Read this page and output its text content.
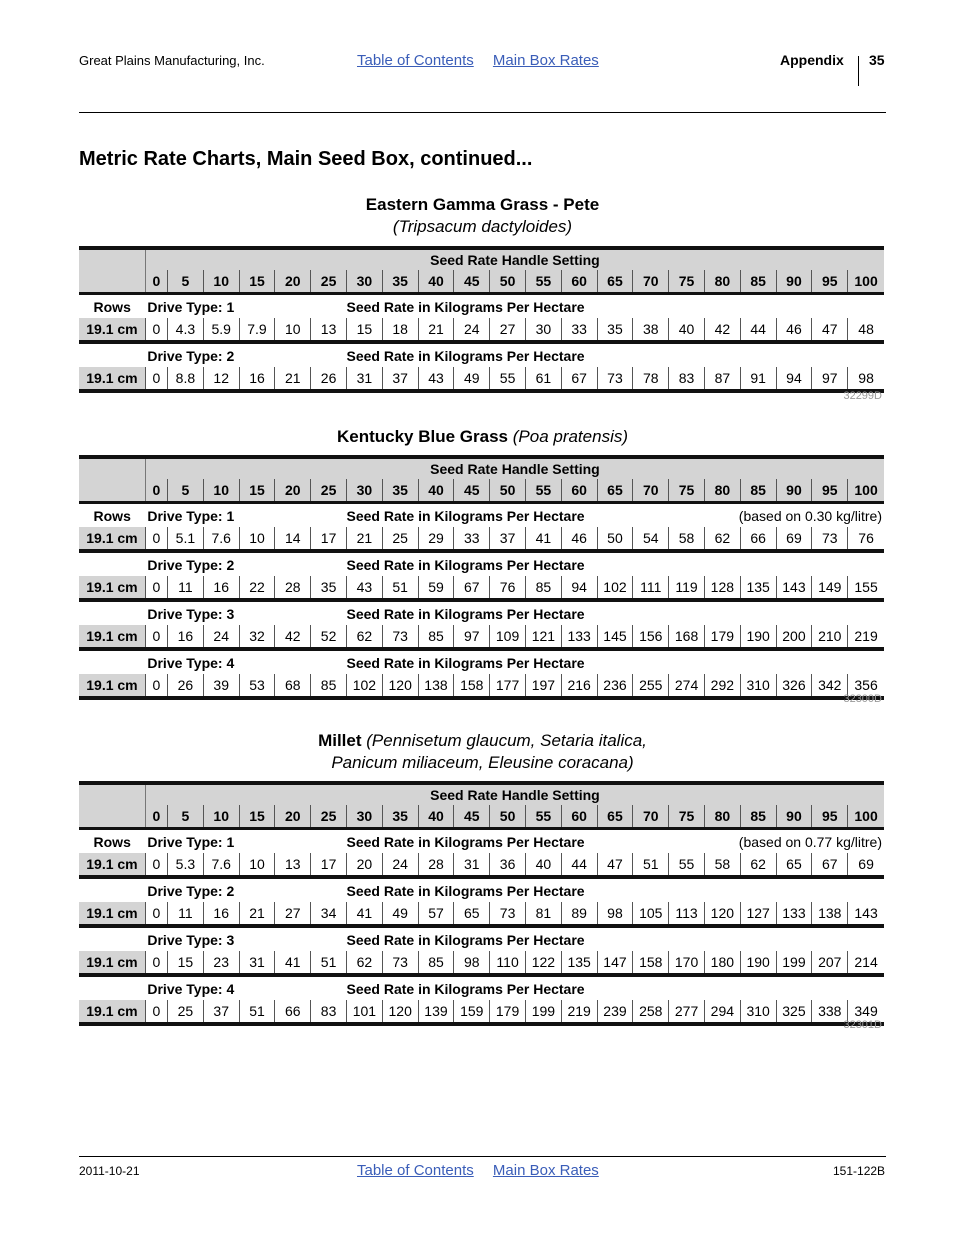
Great Plains Manufacturing, Inc.	Table of Contents Main Box Rates	Appendix 35
Metric Rate Charts, Main Seed Box, continued...
Eastern Gamma Grass - Pete
(Tripsacum dactyloides)
Kentucky Blue Grass (Poa pratensis)
Millet (Pennisetum glaucum, Setaria italica,
Panicum miliaceum, Eleusine coracana)
	Seed Rate Handle Setting																				
	0	5	10	15	20	25	30	35	40	45	50	55	60	65	70	75	80	85	90	95	100
Rows	Drive Type: 1						Seed Rate in Kilograms Per Hectare														
19.1 cm	0	4.3	5.9	7.9	10	13	15	18	21	24	27	30	33	35	38	40	42	44	46	47	48
	Drive Type: 2						Seed Rate in Kilograms Per Hectare														
19.1 cm	0	8.8	12	16	21	26	31	37	43	49	55	61	67	73	78	83	87	91	94	97	98
32299D
	Seed Rate Handle Setting																				
	0	5	10	15	20	25	30	35	40	45	50	55	60	65	70	75	80	85	90	95	100
Rows	Drive Type: 1						Seed Rate in Kilograms Per Hectare									(based on 0.30 kg/litre)					
19.1 cm	0	5.1	7.6	10	14	17	21	25	29	33	37	41	46	50	54	58	62	66	69	73	76
	Drive Type: 2						Seed Rate in Kilograms Per Hectare														
19.1 cm	0	11	16	22	28	35	43	51	59	67	76	85	94	102	111	119	128	135	143	149	155
	Drive Type: 3						Seed Rate in Kilograms Per Hectare														
19.1 cm	0	16	24	32	42	52	62	73	85	97	109	121	133	145	156	168	179	190	200	210	219
	Drive Type: 4						Seed Rate in Kilograms Per Hectare														
19.1 cm	0	26	39	53	68	85	102	120	138	158	177	197	216	236	255	274	292	310	326	342	356
32300D
	Seed Rate Handle Setting																				
	0	5	10	15	20	25	30	35	40	45	50	55	60	65	70	75	80	85	90	95	100
Rows	Drive Type: 1						Seed Rate in Kilograms Per Hectare									(based on 0.77 kg/litre)					
19.1 cm	0	5.3	7.6	10	13	17	20	24	28	31	36	40	44	47	51	55	58	62	65	67	69
	Drive Type: 2						Seed Rate in Kilograms Per Hectare														
19.1 cm	0	11	16	21	27	34	41	49	57	65	73	81	89	98	105	113	120	127	133	138	143
	Drive Type: 3						Seed Rate in Kilograms Per Hectare														
19.1 cm	0	15	23	31	41	51	62	73	85	98	110	122	135	147	158	170	180	190	199	207	214
	Drive Type: 4						Seed Rate in Kilograms Per Hectare														
19.1 cm	0	25	37	51	66	83	101	120	139	159	179	199	219	239	258	277	294	310	325	338	349
32301D
2011-10-21	Table of Contents Main Box Rates	151-122B
